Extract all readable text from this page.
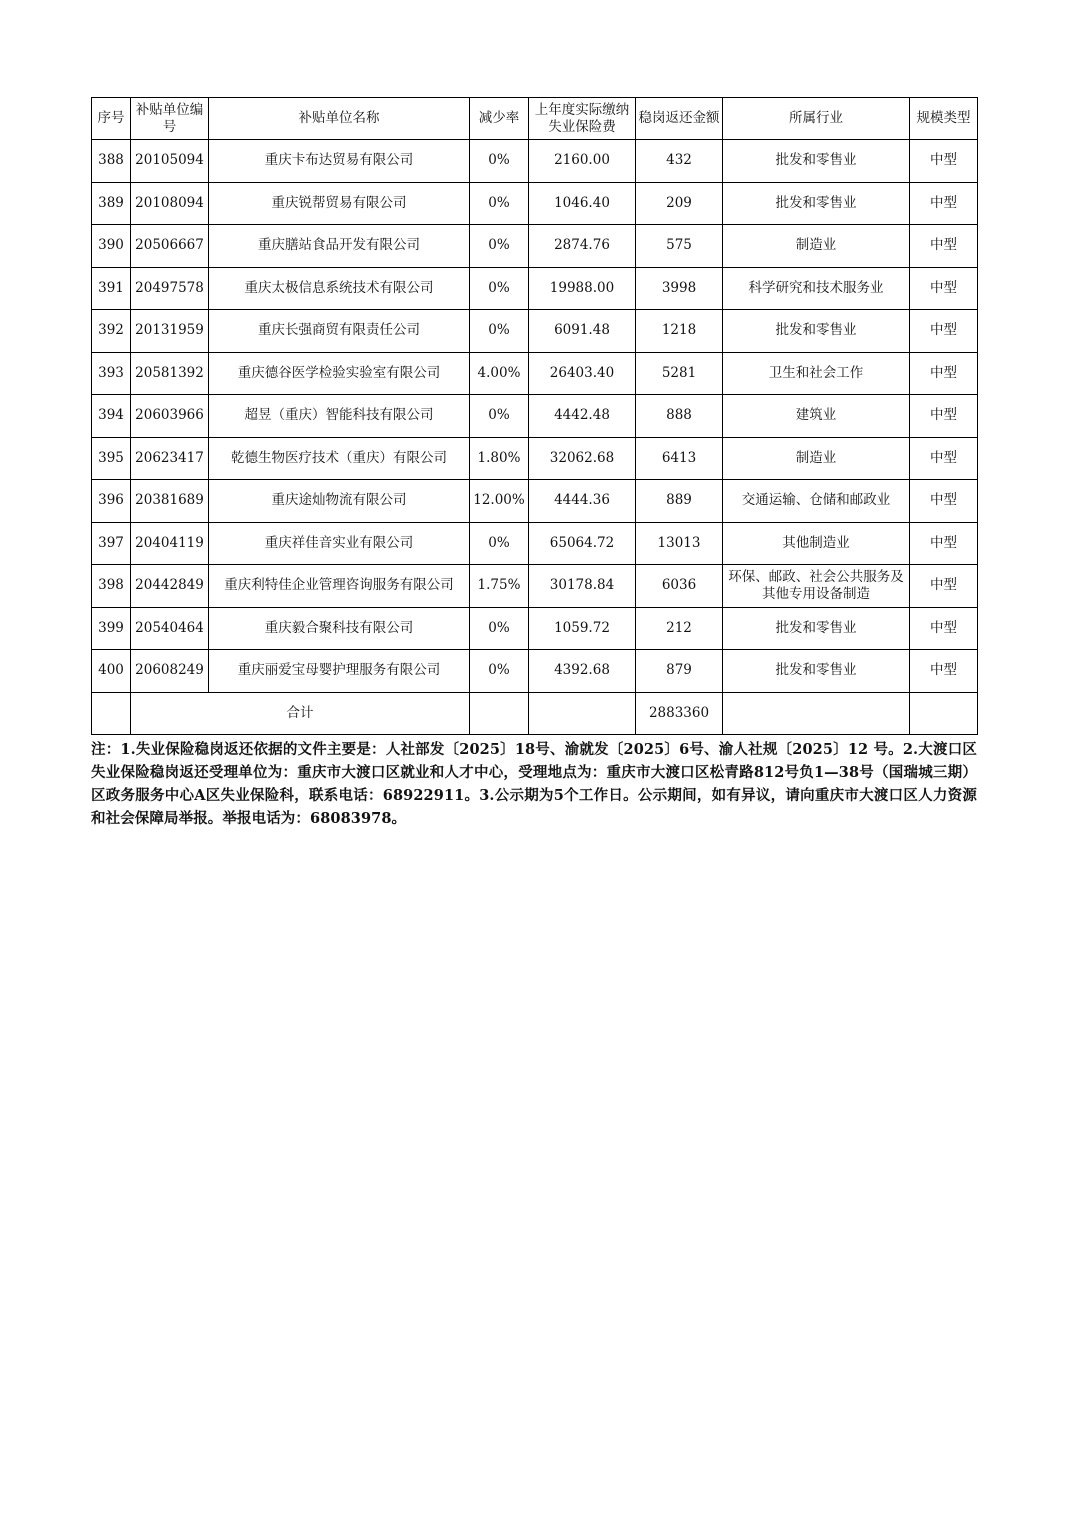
序号	补贴单位编号	补贴单位名称	减少率	上年度实际缴纳失业保险费	稳岗返还金额	所属行业	规模类型
388	20105094	重庆卡布达贸易有限公司	0%	2160.00	432	批发和零售业	中型
389	20108094	重庆锐帮贸易有限公司	0%	1046.40	209	批发和零售业	中型
390	20506667	重庆膳站食品开发有限公司	0%	2874.76	575	制造业	中型
391	20497578	重庆太极信息系统技术有限公司	0%	19988.00	3998	科学研究和技术服务业	中型
392	20131959	重庆长强商贸有限责任公司	0%	6091.48	1218	批发和零售业	中型
393	20581392	重庆德谷医学检验实验室有限公司	4.00%	26403.40	5281	卫生和社会工作	中型
394	20603966	超昱（重庆）智能科技有限公司	0%	4442.48	888	建筑业	中型
395	20623417	乾德生物医疗技术（重庆）有限公司	1.80%	32062.68	6413	制造业	中型
396	20381689	重庆途灿物流有限公司	12.00%	4444.36	889	交通运输、仓储和邮政业	中型
397	20404119	重庆祥佳音实业有限公司	0%	65064.72	13013	其他制造业	中型
398	20442849	重庆利特佳企业管理咨询服务有限公司	1.75%	30178.84	6036	环保、邮政、社会公共服务及其他专用设备制造	中型
399	20540464	重庆毅合聚科技有限公司	0%	1059.72	212	批发和零售业	中型
400	20608249	重庆丽爱宝母婴护理服务有限公司	0%	4392.68	879	批发和零售业	中型
	合计				2883360		
注：1.失业保险稳岗返还依据的文件主要是：人社部发〔2025〕18号、渝就发〔2025〕6号、渝人社规〔2025〕12 号。2.大渡口区失业保险稳岗返还受理单位为：重庆市大渡口区就业和人才中心，受理地点为：重庆市大渡口区松青路812号负1—38号（国瑞城三期）区政务服务中心A区失业保险科，联系电话：68922911。3.公示期为5个工作日。公示期间，如有异议，请向重庆市大渡口区人力资源和社会保障局举报。举报电话为：68083978。
